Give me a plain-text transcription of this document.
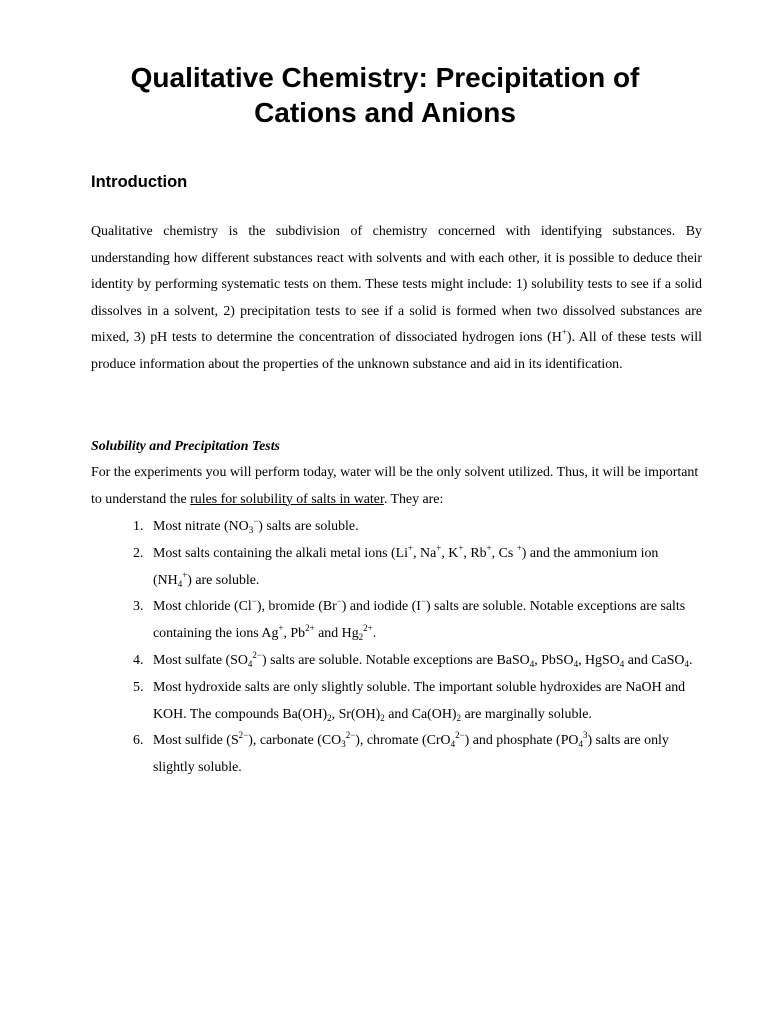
Qualitative Chemistry: Precipitation of
Cations and Anions
Introduction

Qualitative chemistry is the subdivision of chemistry concerned with identifying substances. By understanding how different substances react with solvents and with each other, it is possible to deduce their identity by performing systematic tests on them. These tests might include: 1) solubility tests to see if a solid dissolves in a solvent, 2) precipitation tests to see if a solid is formed when two dissolved substances are mixed, 3) pH tests to determine the concentration of dissociated hydrogen ions (H+). All of these tests will produce information about the properties of the unknown substance and aid in its identification.

Solubility and Precipitation Tests

For the experiments you will perform today, water will be the only solvent utilized. Thus, it will be important to understand the rules for solubility of salts in water. They are:

1. Most nitrate $(NO_3^-)$ salts are soluble.
2. Most salts containing the alkali metal ions (Li+, Na+, K+, Rb+, Cs +) and the ammonium ion $(NH_4^+)$ are soluble.
3. Most chloride (Cl−), bromide (Br−) and iodide (I−) salts are soluble. Notable exceptions are salts containing the ions Ag+, $Pb^{2+}$ and $Hg_2^{2+}$.
4. Most sulfate $(SO_4^{2-})$ salts are soluble. Notable exceptions are BaSO$_4$, PbSO$_4$, HgSO$_4$ and CaSO$_4$.
5. Most hydroxide salts are only slightly soluble. The important soluble hydroxides are NaOH and KOH. The compounds $Ba(OH)_2$, $Sr(OH)_2$ and $Ca(OH)_2$ are marginally soluble.
6. Most sulfide $(S^{2-})$, carbonate $(CO_3^{2-})$, chromate (CrO$_4^{2-}$) and phosphate $(PO_4^3)$ salts are only slightly soluble.
